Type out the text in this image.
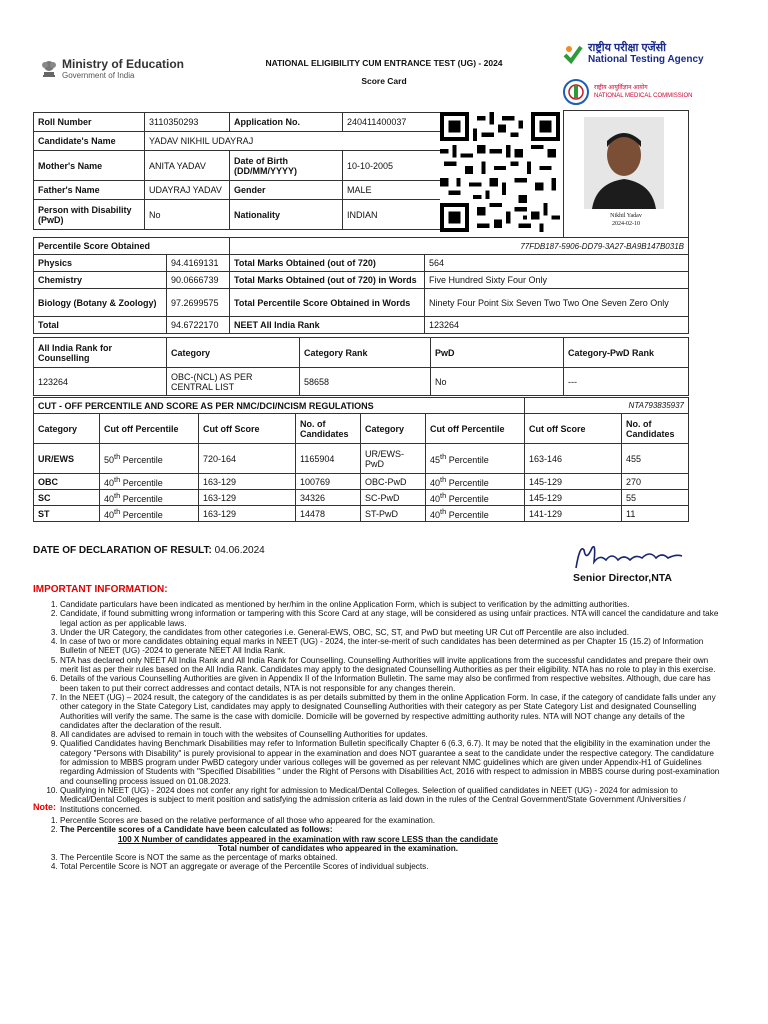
Ministry of Education
Government of India
NATIONAL ELIGIBILITY CUM ENTRANCE TEST (UG) - 2024
Score Card
राष्ट्रीय परीक्षा एजेंसी
National Testing Agency
राष्ट्रीय आयुर्विज्ञान आयोग
NATIONAL MEDICAL COMMISSION
Roll Number	3110350293	Application No.	240411400037
Candidate's Name	YADAV NIKHIL UDAYRAJ		
Mother's Name	ANITA YADAV	Date of Birth (DD/MM/YYYY)	10-10-2005
Father's Name	UDAYRAJ YADAV	Gender	MALE
Person with Disability (PwD)	No	Nationality	INDIAN	Nikhil Yadav
2024-02-10
Percentile Score Obtained		77FDB187-5906-DD79-3A27-BA9B147B031B	
Physics	94.4169131	Total Marks Obtained (out of 720)	564
Chemistry	90.0666739	Total Marks Obtained (out of 720) in Words	Five Hundred Sixty Four Only
Biology (Botany & Zoology)	97.2699575	Total Percentile Score Obtained in Words	Ninety Four Point Six Seven Two Two One Seven Zero Only
Total	94.6722170	NEET All India Rank	123264
All India Rank for Counselling	Category	Category Rank	PwD	Category-PwD Rank
123264	OBC-(NCL) AS PER CENTRAL LIST	58658	No	---
CUT - OFF PERCENTILE AND SCORE AS PER NMC/DCI/NCISM REGULATIONS						NTA793835937	
Category	Cut off Percentile	Cut off Score	No. of Candidates	Category	Cut off Percentile	Cut off Score	No. of Candidates
UR/EWS	50th Percentile	720-164	1165904	UR/EWS-PwD	45th Percentile	163-146	455
OBC	40th Percentile	163-129	100769	OBC-PwD	40th Percentile	145-129	270
SC	40th Percentile	163-129	34326	SC-PwD	40th Percentile	145-129	55
ST	40th Percentile	163-129	14478	ST-PwD	40th Percentile	141-129	11
DATE OF DECLARATION OF RESULT: 04.06.2024
Senior Director,NTA
IMPORTANT INFORMATION:
1. Candidate particulars have been indicated as mentioned by her/him in the online Application Form, which is subject to verification by the admitting authorities.
2. Candidate, if found submitting wrong information or tampering with this Score Card at any stage, will be considered as using unfair practices. NTA will cancel the candidature and take legal action as per applicable laws.
3. Under the UR Category, the candidates from other categories i.e. General-EWS, OBC, SC, ST, and PwD but meeting UR Cut off Percentile are also included.
4. In case of two or more candidates obtaining equal marks in NEET (UG) - 2024, the inter-se-merit of such candidates has been determined as per Chapter 15 (15.2) of Information Bulletin of NEET (UG) -2024 to generate NEET All India Rank.
5. NTA has declared only NEET All India Rank and All India Rank for Counselling. Counselling Authorities will invite applications from the successful candidates and prepare their own merit list as per their rules based on the All India Rank. Candidates may apply to the designated Counselling Authorities as per their eligibility. NTA has no role to play in this exercise.
6. Details of the various Counselling Authorities are given in Appendix II of the Information Bulletin. The same may also be confirmed from respective websites. Although, due care has been taken to put their correct addresses and contact details, NTA is not responsible for any changes therein.
7. In the NEET (UG) – 2024 result, the category of the candidates is as per details submitted by them in the online Application Form. In case, if the category of candidate falls under any other category in the State Category List, candidates may apply to designated Counselling Authorities with their category as per State Category List and designated Counselling Authorities will verify the same. The same is the case with domicile. Domicile will be governed by respective admitting authority rules. NTA will NOT change any details of the candidates after the declaration of the result.
8. All candidates are advised to remain in touch with the websites of Counselling Authorities for updates.
9. Qualified Candidates having Benchmark Disabilities may refer to Information Bulletin specifically Chapter 6 (6.3, 6.7). It may be noted that the eligibility in the examination under the category "Persons with Disability" is purely provisional to appear in the examination and does NOT guarantee a seat to the candidate under the respective category. The candidature for admission to MBBS program under PwBD category under various colleges will be governed as per relevant NMC guidelines which are given under Appendix-H1 of Guidelines regarding Admission of Students with "Specified Disabilities " under the Right of Persons with Disabilities Act, 2016 with respect to admission in MBBS course during post-examination and counselling process issued on 01.08.2023.
10. Qualifying in NEET (UG) - 2024 does not confer any right for admission to Medical/Dental Colleges. Selection of qualified candidates in NEET (UG) - 2024 for admission to Medical/Dental Colleges is subject to merit position and satisfying the admission criteria as laid down in the rules of the Central Government/State Government /Universities / Institutions concerned.
Note:
1. Percentile Scores are based on the relative performance of all those who appeared for the examination.
2. The Percentile scores of a Candidate have been calculated as follows:
100 X Number of candidates appeared in the examination with raw score LESS than the candidate
Total number of candidates who appeared in the examination.
3. The Percentile Score is NOT the same as the percentage of marks obtained.
4. Total Percentile Score is NOT an aggregate or average of the Percentile Scores of individual subjects.
